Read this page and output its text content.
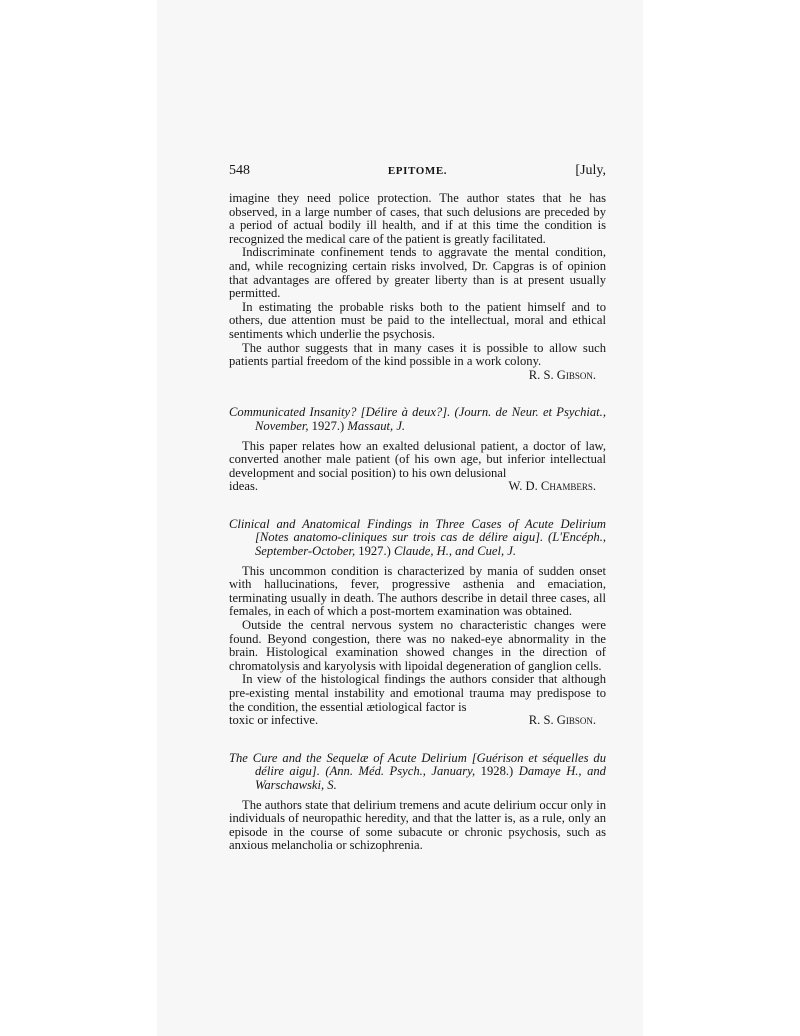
548	EPITOME.	[July,

imagine they need police protection. The author states that he has observed, in a large number of cases, that such delusions are preceded by a period of actual bodily ill health, and if at this time the condition is recognized the medical care of the patient is greatly facilitated.

Indiscriminate confinement tends to aggravate the mental condition, and, while recognizing certain risks involved, Dr. Capgras is of opinion that advantages are offered by greater liberty than is at present usually permitted.

In estimating the probable risks both to the patient himself and to others, due attention must be paid to the intellectual, moral and ethical sentiments which underlie the psychosis.

The author suggests that in many cases it is possible to allow such patients partial freedom of the kind possible in a work colony.

R. S. Gibson.

Communicated Insanity? [Délire à deux?]. (Journ. de Neur. et Psychiat., November, 1927.) Massaut, J.

This paper relates how an exalted delusional patient, a doctor of law, converted another male patient (of his own age, but inferior intellectual development and social position) to his own delusional

ideas.	W. D. Chambers.
Clinical and Anatomical Findings in Three Cases of Acute Delirium [Notes anatomo-cliniques sur trois cas de délire aigu]. (L'Encéph., September-October, 1927.) Claude, H., and Cuel, J.

This uncommon condition is characterized by mania of sudden onset with hallucinations, fever, progressive asthenia and emaciation, terminating usually in death. The authors describe in detail three cases, all females, in each of which a post-mortem examination was obtained.

Outside the central nervous system no characteristic changes were found. Beyond congestion, there was no naked-eye abnormality in the brain. Histological examination showed changes in the direction of chromatolysis and karyolysis with lipoidal degeneration of ganglion cells.

In view of the histological findings the authors consider that although pre-existing mental instability and emotional trauma may predispose to the condition, the essential ætiological factor is

toxic or infective.	R. S. Gibson.
The Cure and the Sequelæ of Acute Delirium [Guérison et séquelles du délire aigu]. (Ann. Méd. Psych., January, 1928.) Damaye H., and Warschawski, S.

The authors state that delirium tremens and acute delirium occur only in individuals of neuropathic heredity, and that the latter is, as a rule, only an episode in the course of some subacute or chronic psychosis, such as anxious melancholia or schizophrenia.
